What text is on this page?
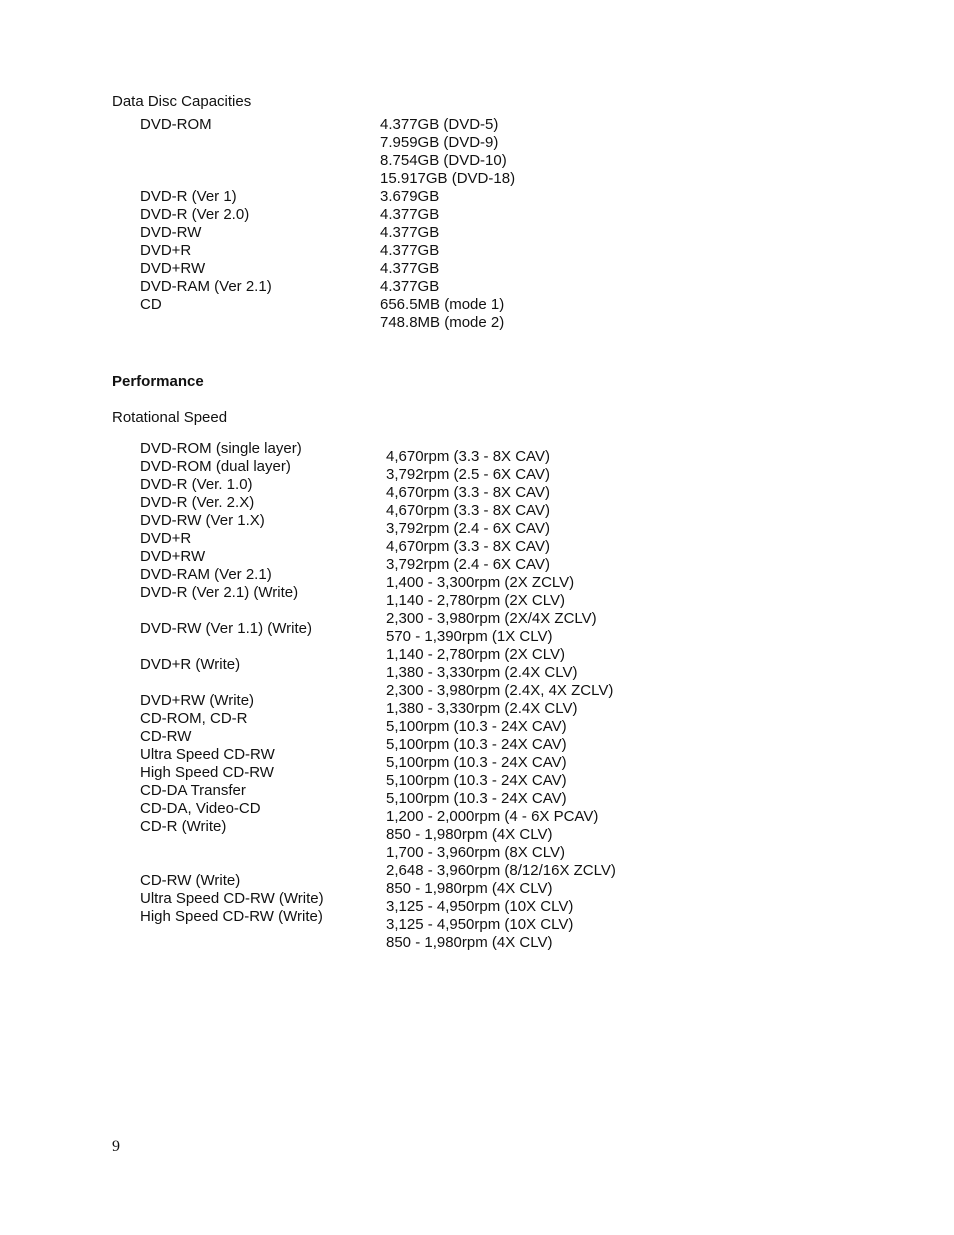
Data Disc Capacities
DVD-ROM
DVD-R (Ver 1)
DVD-R (Ver 2.0)
DVD-RW
DVD+R
DVD+RW
DVD-RAM (Ver 2.1)
CD
4.377GB (DVD-5)
7.959GB (DVD-9)
8.754GB (DVD-10)
15.917GB (DVD-18)
3.679GB
4.377GB
4.377GB
4.377GB
4.377GB
4.377GB
656.5MB (mode 1)
748.8MB (mode 2)
Performance
Rotational Speed
DVD-ROM (single layer)
DVD-ROM (dual layer)
DVD-R (Ver. 1.0)
DVD-R (Ver. 2.X)
DVD-RW (Ver 1.X)
DVD+R
DVD+RW
DVD-RAM (Ver 2.1)
DVD-R (Ver 2.1) (Write)
DVD-RW (Ver 1.1) (Write)
DVD+R (Write)
DVD+RW (Write)
CD-ROM, CD-R
CD-RW
Ultra Speed CD-RW
High Speed CD-RW
CD-DA Transfer
CD-DA, Video-CD
CD-R (Write)
CD-RW (Write)
Ultra Speed CD-RW (Write)
High Speed CD-RW (Write)
4,670rpm (3.3 - 8X CAV)
3,792rpm (2.5 - 6X CAV)
4,670rpm (3.3 - 8X CAV)
4,670rpm (3.3 - 8X CAV)
3,792rpm (2.4 - 6X CAV)
4,670rpm (3.3 - 8X CAV)
3,792rpm (2.4 - 6X CAV)
1,400 - 3,300rpm (2X ZCLV)
1,140 - 2,780rpm (2X CLV)
2,300 - 3,980rpm (2X/4X ZCLV)
570 - 1,390rpm (1X CLV)
1,140 - 2,780rpm (2X CLV)
1,380 - 3,330rpm (2.4X CLV)
2,300 - 3,980rpm (2.4X, 4X ZCLV)
1,380 - 3,330rpm (2.4X CLV)
5,100rpm (10.3 - 24X CAV)
5,100rpm (10.3 - 24X CAV)
5,100rpm (10.3 - 24X CAV)
5,100rpm (10.3 - 24X CAV)
5,100rpm (10.3 - 24X CAV)
1,200 - 2,000rpm (4 - 6X PCAV)
850 - 1,980rpm (4X CLV)
1,700 - 3,960rpm (8X CLV)
2,648 - 3,960rpm (8/12/16X ZCLV)
850 - 1,980rpm (4X CLV)
3,125 - 4,950rpm (10X CLV)
3,125 - 4,950rpm (10X CLV)
850 - 1,980rpm (4X CLV)
9
